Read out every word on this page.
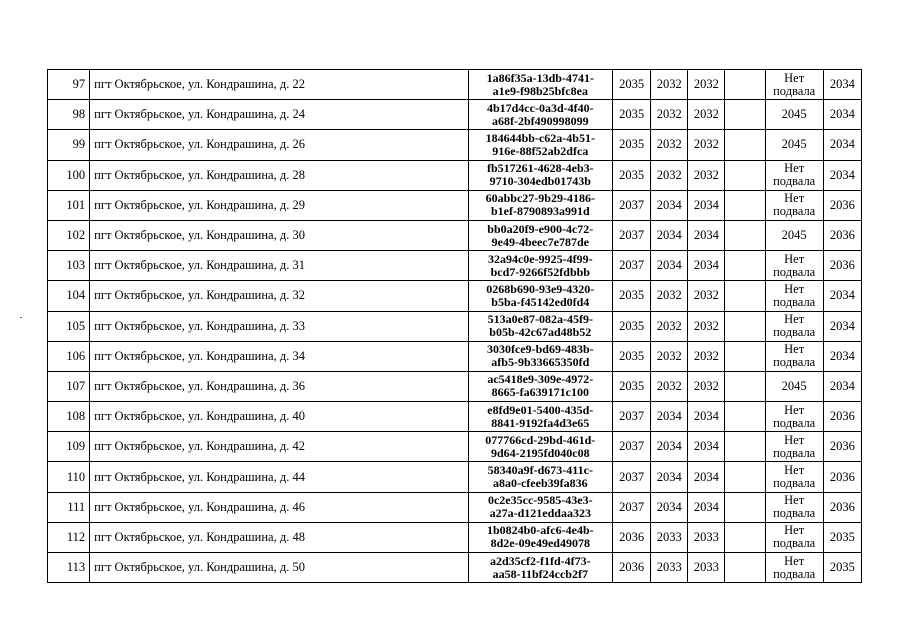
97	пгт Октябрьское, ул. Кондрашина, д. 22	1a86f35a-13db-4741-
a1e9-f98b25bfc8ea	2035	2032	2032		Нет
подвала	2034
98	пгт Октябрьское, ул. Кондрашина, д. 24	4b17d4cc-0a3d-4f40-
a68f-2bf490998099	2035	2032	2032		2045	2034
99	пгт Октябрьское, ул. Кондрашина, д. 26	184644bb-c62a-4b51-
916e-88f52ab2dfca	2035	2032	2032		2045	2034
100	пгт Октябрьское, ул. Кондрашина, д. 28	fb517261-4628-4eb3-
9710-304edb01743b	2035	2032	2032		Нет
подвала	2034
101	пгт Октябрьское, ул. Кондрашина, д. 29	60abbc27-9b29-4186-
b1ef-8790893a991d	2037	2034	2034		Нет
подвала	2036
102	пгт Октябрьское, ул. Кондрашина, д. 30	bb0a20f9-e900-4c72-
9e49-4beec7e787de	2037	2034	2034		2045	2036
103	пгт Октябрьское, ул. Кондрашина, д. 31	32a94c0e-9925-4f99-
bcd7-9266f52fdbbb	2037	2034	2034		Нет
подвала	2036
104	пгт Октябрьское, ул. Кондрашина, д. 32	0268b690-93e9-4320-
b5ba-f45142ed0fd4	2035	2032	2032		Нет
подвала	2034
105	пгт Октябрьское, ул. Кондрашина, д. 33	513a0e87-082a-45f9-
b05b-42c67ad48b52	2035	2032	2032		Нет
подвала	2034
106	пгт Октябрьское, ул. Кондрашина, д. 34	3030fce9-bd69-483b-
afb5-9b33665350fd	2035	2032	2032		Нет
подвала	2034
107	пгт Октябрьское, ул. Кондрашина, д. 36	ac5418e9-309e-4972-
8665-fa639171c100	2035	2032	2032		2045	2034
108	пгт Октябрьское, ул. Кондрашина, д. 40	e8fd9e01-5400-435d-
8841-9192fa4d3e65	2037	2034	2034		Нет
подвала	2036
109	пгт Октябрьское, ул. Кондрашина, д. 42	077766cd-29bd-461d-
9d64-2195fd040c08	2037	2034	2034		Нет
подвала	2036
110	пгт Октябрьское, ул. Кондрашина, д. 44	58340a9f-d673-411c-
a8a0-cfeeb39fa836	2037	2034	2034		Нет
подвала	2036
111	пгт Октябрьское, ул. Кондрашина, д. 46	0c2e35cc-9585-43e3-
a27a-d121eddaa323	2037	2034	2034		Нет
подвала	2036
112	пгт Октябрьское, ул. Кондрашина, д. 48	1b0824b0-afc6-4e4b-
8d2e-09e49ed49078	2036	2033	2033		Нет
подвала	2035
113	пгт Октябрьское, ул. Кондрашина, д. 50	a2d35cf2-f1fd-4f73-
aa58-11bf24ccb2f7	2036	2033	2033		Нет
подвала	2035
